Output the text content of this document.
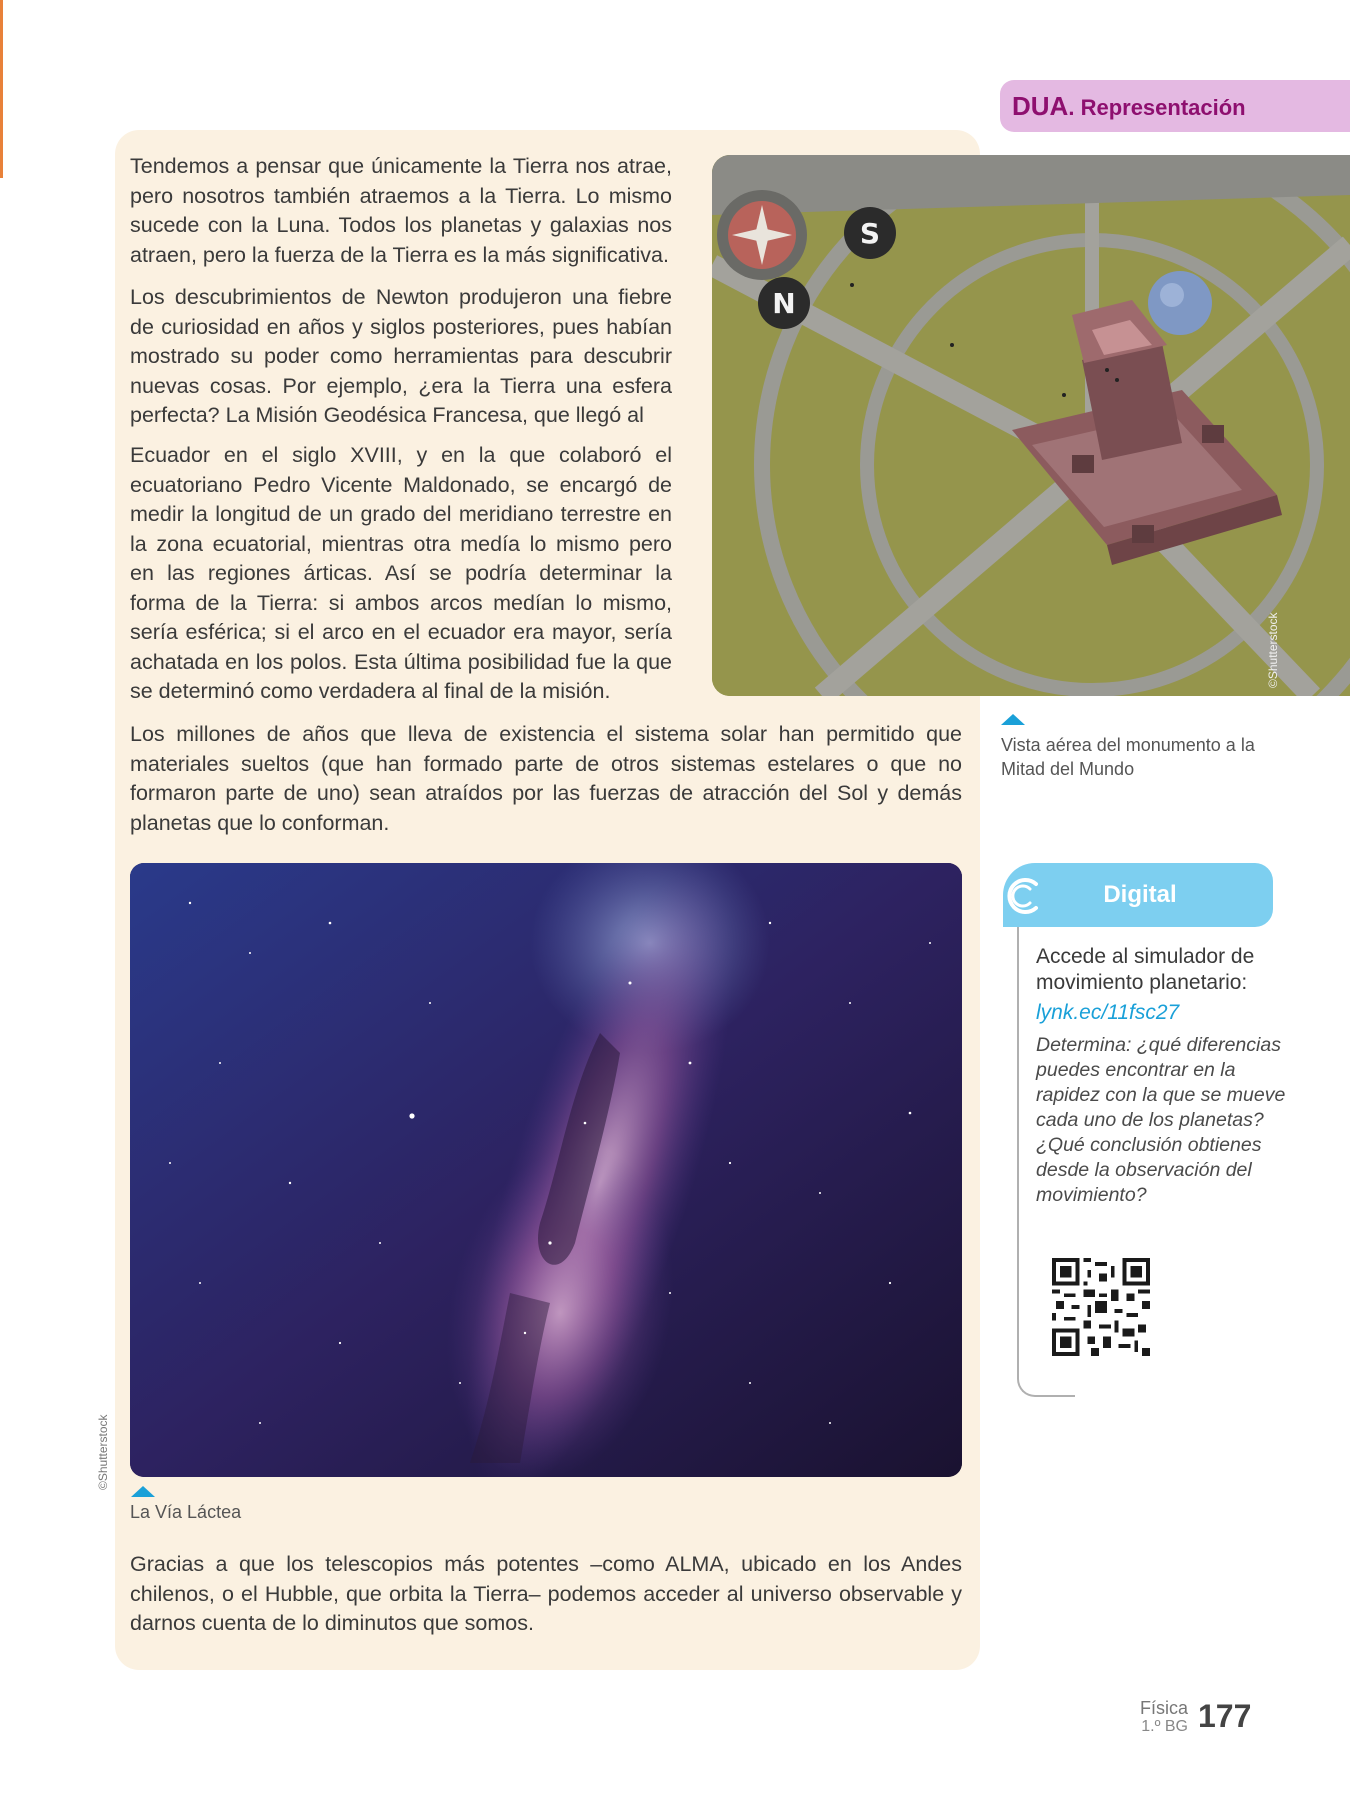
DUA. Representación

Tendemos a pensar que únicamente la Tierra nos atrae, pero nosotros también atraemos a la Tierra. Lo mismo sucede con la Luna. Todos los planetas y galaxias nos atraen, pero la fuerza de la Tierra es la más significativa.

Los descubrimientos de Newton produjeron una fiebre de curiosidad en años y siglos posteriores, pues habían mostrado su poder como herramientas para descubrir nuevas cosas. Por ejemplo, ¿era la Tierra una esfera perfecta? La Misión Geodésica Francesa, que llegó al

Ecuador en el siglo XVIII, y en la que colaboró el ecuatoriano Pedro Vicente Maldonado, se encargó de medir la longitud de un grado del meridiano terrestre en la zona ecuatorial, mientras otra medía lo mismo pero en las regiones árticas. Así se podría determinar la forma de la Tierra: si ambos arcos medían lo mismo, sería esférica; si el arco en el ecuador era mayor, sería achatada en los polos. Esta última posibilidad fue la que se determinó como verdadera al final de la misión.

Los millones de años que lleva de existencia el sistema solar han permitido que materiales sueltos (que han formado parte de otros sistemas estelares o que no formaron parte de uno) sean atraídos por las fuerzas de atracción del Sol y demás planetas que lo conforman.

Gracias a que los telescopios más potentes –como ALMA, ubicado en los Andes chilenos, o el Hubble, que orbita la Tierra– podemos acceder al universo observable y darnos cuenta de lo diminutos que somos.

S
N
©Shutterstock

Vista aérea del monumento a la Mitad del Mundo

©Shutterstock

La Vía Láctea

Digital

Accede al simulador de movimiento planetario:

lynk.ec/11fsc27

Determina: ¿qué diferencias puedes encontrar en la rapidez con la que se mueve cada uno de los planetas? ¿Qué conclusión obtienes desde la observación del movimiento?

Física
1.º BG 177
